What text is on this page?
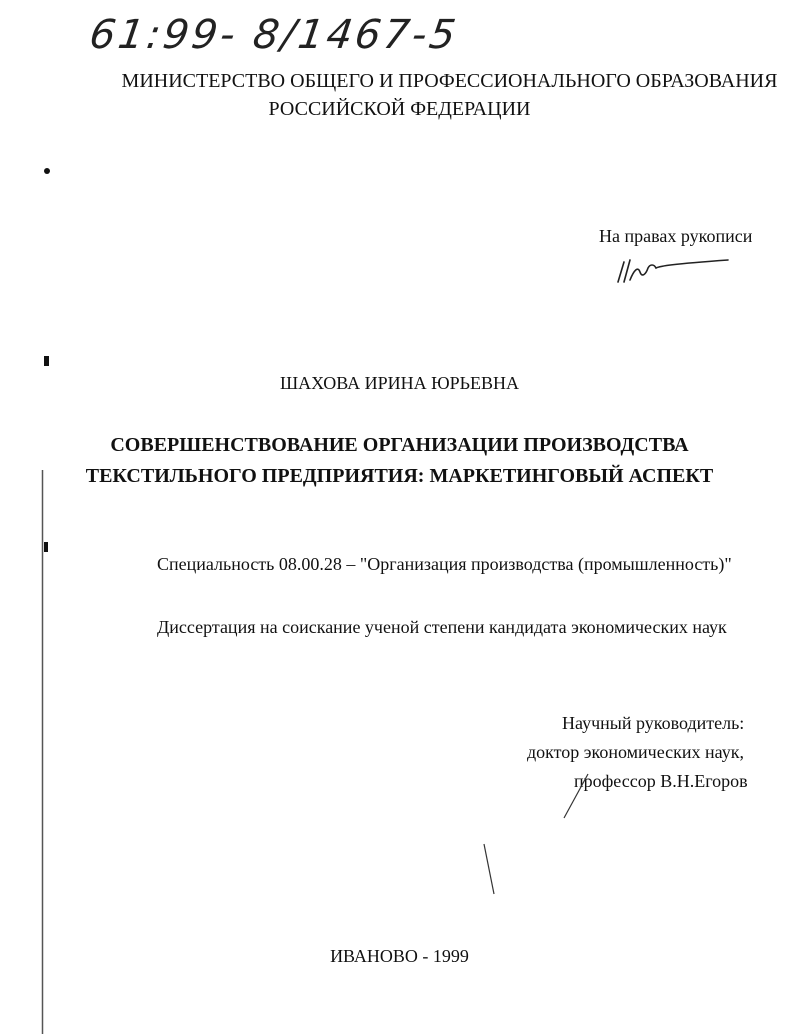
61:99- 8/1467-5
МИНИСТЕРСТВО ОБЩЕГО И ПРОФЕССИОНАЛЬНОГО ОБРАЗОВАНИЯ
РОССИЙСКОЙ ФЕДЕРАЦИИ
На правах рукописи
ШАХОВА ИРИНА ЮРЬЕВНА
СОВЕРШЕНСТВОВАНИЕ ОРГАНИЗАЦИИ ПРОИЗВОДСТВА
ТЕКСТИЛЬНОГО ПРЕДПРИЯТИЯ: МАРКЕТИНГОВЫЙ АСПЕКТ
Специальность 08.00.28 – "Организация производства (промышленность)"
Диссертация на соискание ученой степени кандидата экономических наук
Научный руководитель:
доктор экономических наук,
профессор В.Н.Егоров
ИВАНОВО - 1999
